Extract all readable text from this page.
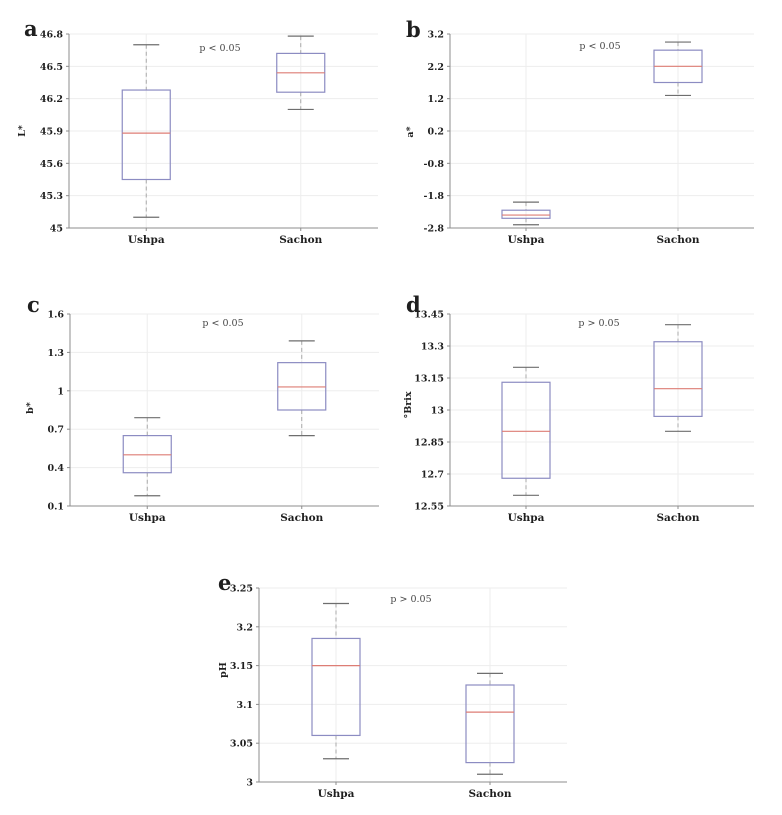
45
45.3
45.6
45.9
46.2
46.5
46.8
Ushpa	Sachon
a
L*
p < 0.05
-2.8
-1.8
-0.8
0.2
1.2
2.2
3.2
Ushpa	Sachon
b
a*
p < 0.05
0.1
0.4
0.7
1
1.3
1.6
Ushpa	Sachon
c
b*
p < 0.05
12.55
12.7
12.85
13
13.15
13.3
13.45
Ushpa	Sachon
d
°Brix
p > 0.05
3
3.05
3.1
3.15
3.2
3.25
Ushpa	Sachon
e
pH
p > 0.05
